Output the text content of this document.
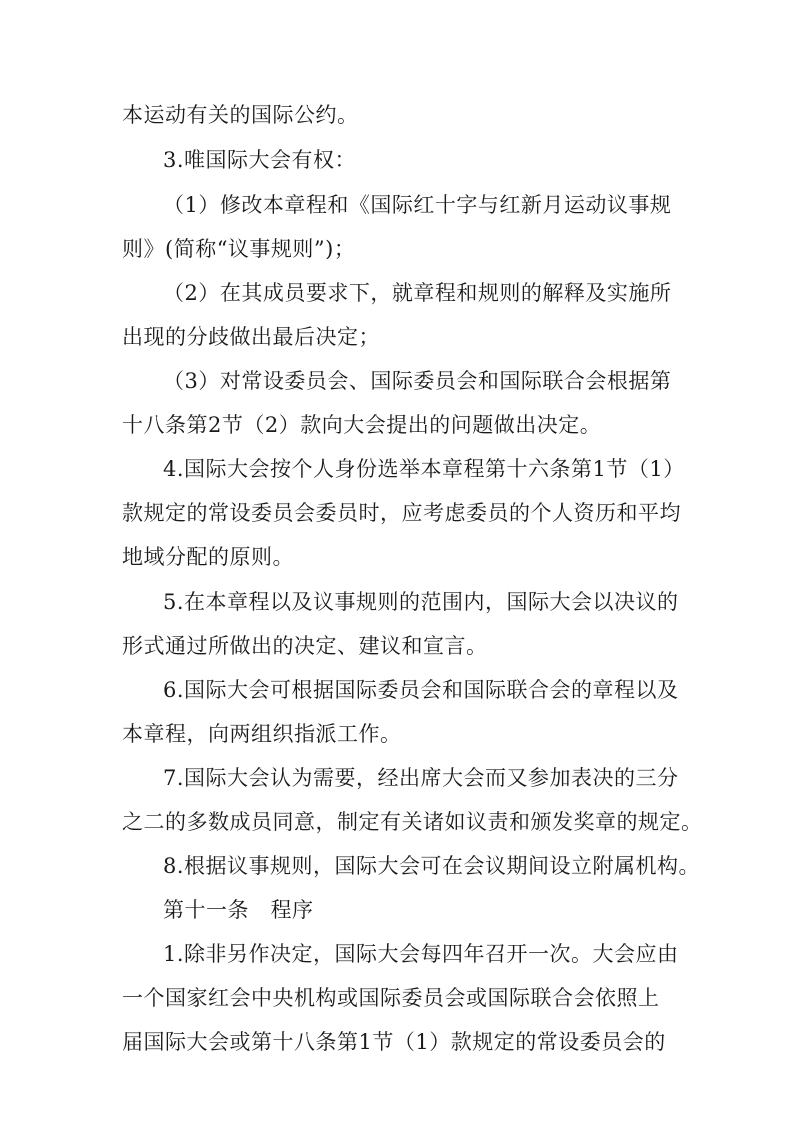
本运动有关的国际公约。
3.唯国际大会有权：
（1）修改本章程和《国际红十字与红新月运动议事规
则》(简称“议事规则”)；
（2）在其成员要求下，就章程和规则的解释及实施所
出现的分歧做出最后决定；
（3）对常设委员会、国际委员会和国际联合会根据第
十八条第2节（2）款向大会提出的问题做出决定。
4.国际大会按个人身份选举本章程第十六条第1节（1）
款规定的常设委员会委员时，应考虑委员的个人资历和平均
地域分配的原则。
5.在本章程以及议事规则的范围内，国际大会以决议的
形式通过所做出的决定、建议和宣言。
6.国际大会可根据国际委员会和国际联合会的章程以及
本章程，向两组织指派工作。
7.国际大会认为需要，经出席大会而又参加表决的三分
之二的多数成员同意，制定有关诸如议责和颁发奖章的规定。
8.根据议事规则，国际大会可在会议期间设立附属机构。
第十一条　程序
1.除非另作决定，国际大会每四年召开一次。大会应由
一个国家红会中央机构或国际委员会或国际联合会依照上
届国际大会或第十八条第1节（1）款规定的常设委员会的
